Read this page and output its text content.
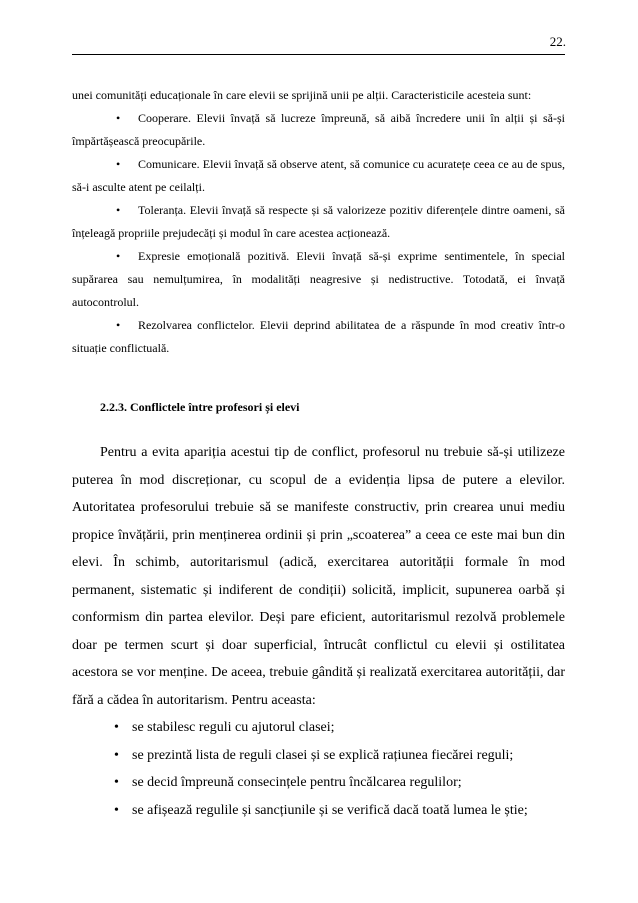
22.

unei comunități educaționale în care elevii se sprijină unii pe alții. Caracteristicile acesteia sunt:

• Cooperare. Elevii învață să lucreze împreună, să aibă încredere unii în alții și să-și împărtășească preocupările.

• Comunicare. Elevii învață să observe atent, să comunice cu acuratețe ceea ce au de spus, să-i asculte atent pe ceilalți.

• Toleranța. Elevii învață să respecte și să valorizeze pozitiv diferențele dintre oameni, să înțeleagă propriile prejudecăți și modul în care acestea acționează.

• Expresie emoțională pozitivă. Elevii învață să-și exprime sentimentele, în special supărarea sau nemulțumirea, în modalități neagresive și nedistructive. Totodată, ei învață autocontrolul.

• Rezolvarea conflictelor. Elevii deprind abilitatea de a răspunde în mod creativ într-o situație conflictuală.

2.2.3. Conflictele între profesori și elevi

Pentru a evita apariția acestui tip de conflict, profesorul nu trebuie să-și utilizeze puterea în mod discreționar, cu scopul de a evidenția lipsa de putere a elevilor. Autoritatea profesorului trebuie să se manifeste constructiv, prin crearea unui mediu propice învățării, prin menținerea ordinii și prin „scoaterea” a ceea ce este mai bun din elevi. În schimb, autoritarismul (adică, exercitarea autorității formale în mod permanent, sistematic și indiferent de condiții) solicită, implicit, supunerea oarbă și conformism din partea elevilor. Deși pare eficient, autoritarismul rezolvă problemele doar pe termen scurt și doar superficial, întrucât conflictul cu elevii și ostilitatea acestora se vor menține. De aceea, trebuie gândită și realizată exercitarea autorității, dar fără a cădea în autoritarism. Pentru aceasta:

• se stabilesc reguli cu ajutorul clasei;
• se prezintă lista de reguli clasei și se explică rațiunea fiecărei reguli;
• se decid împreună consecințele pentru încălcarea regulilor;
• se afișează regulile și sancțiunile și se verifică dacă toată lumea le știe;
